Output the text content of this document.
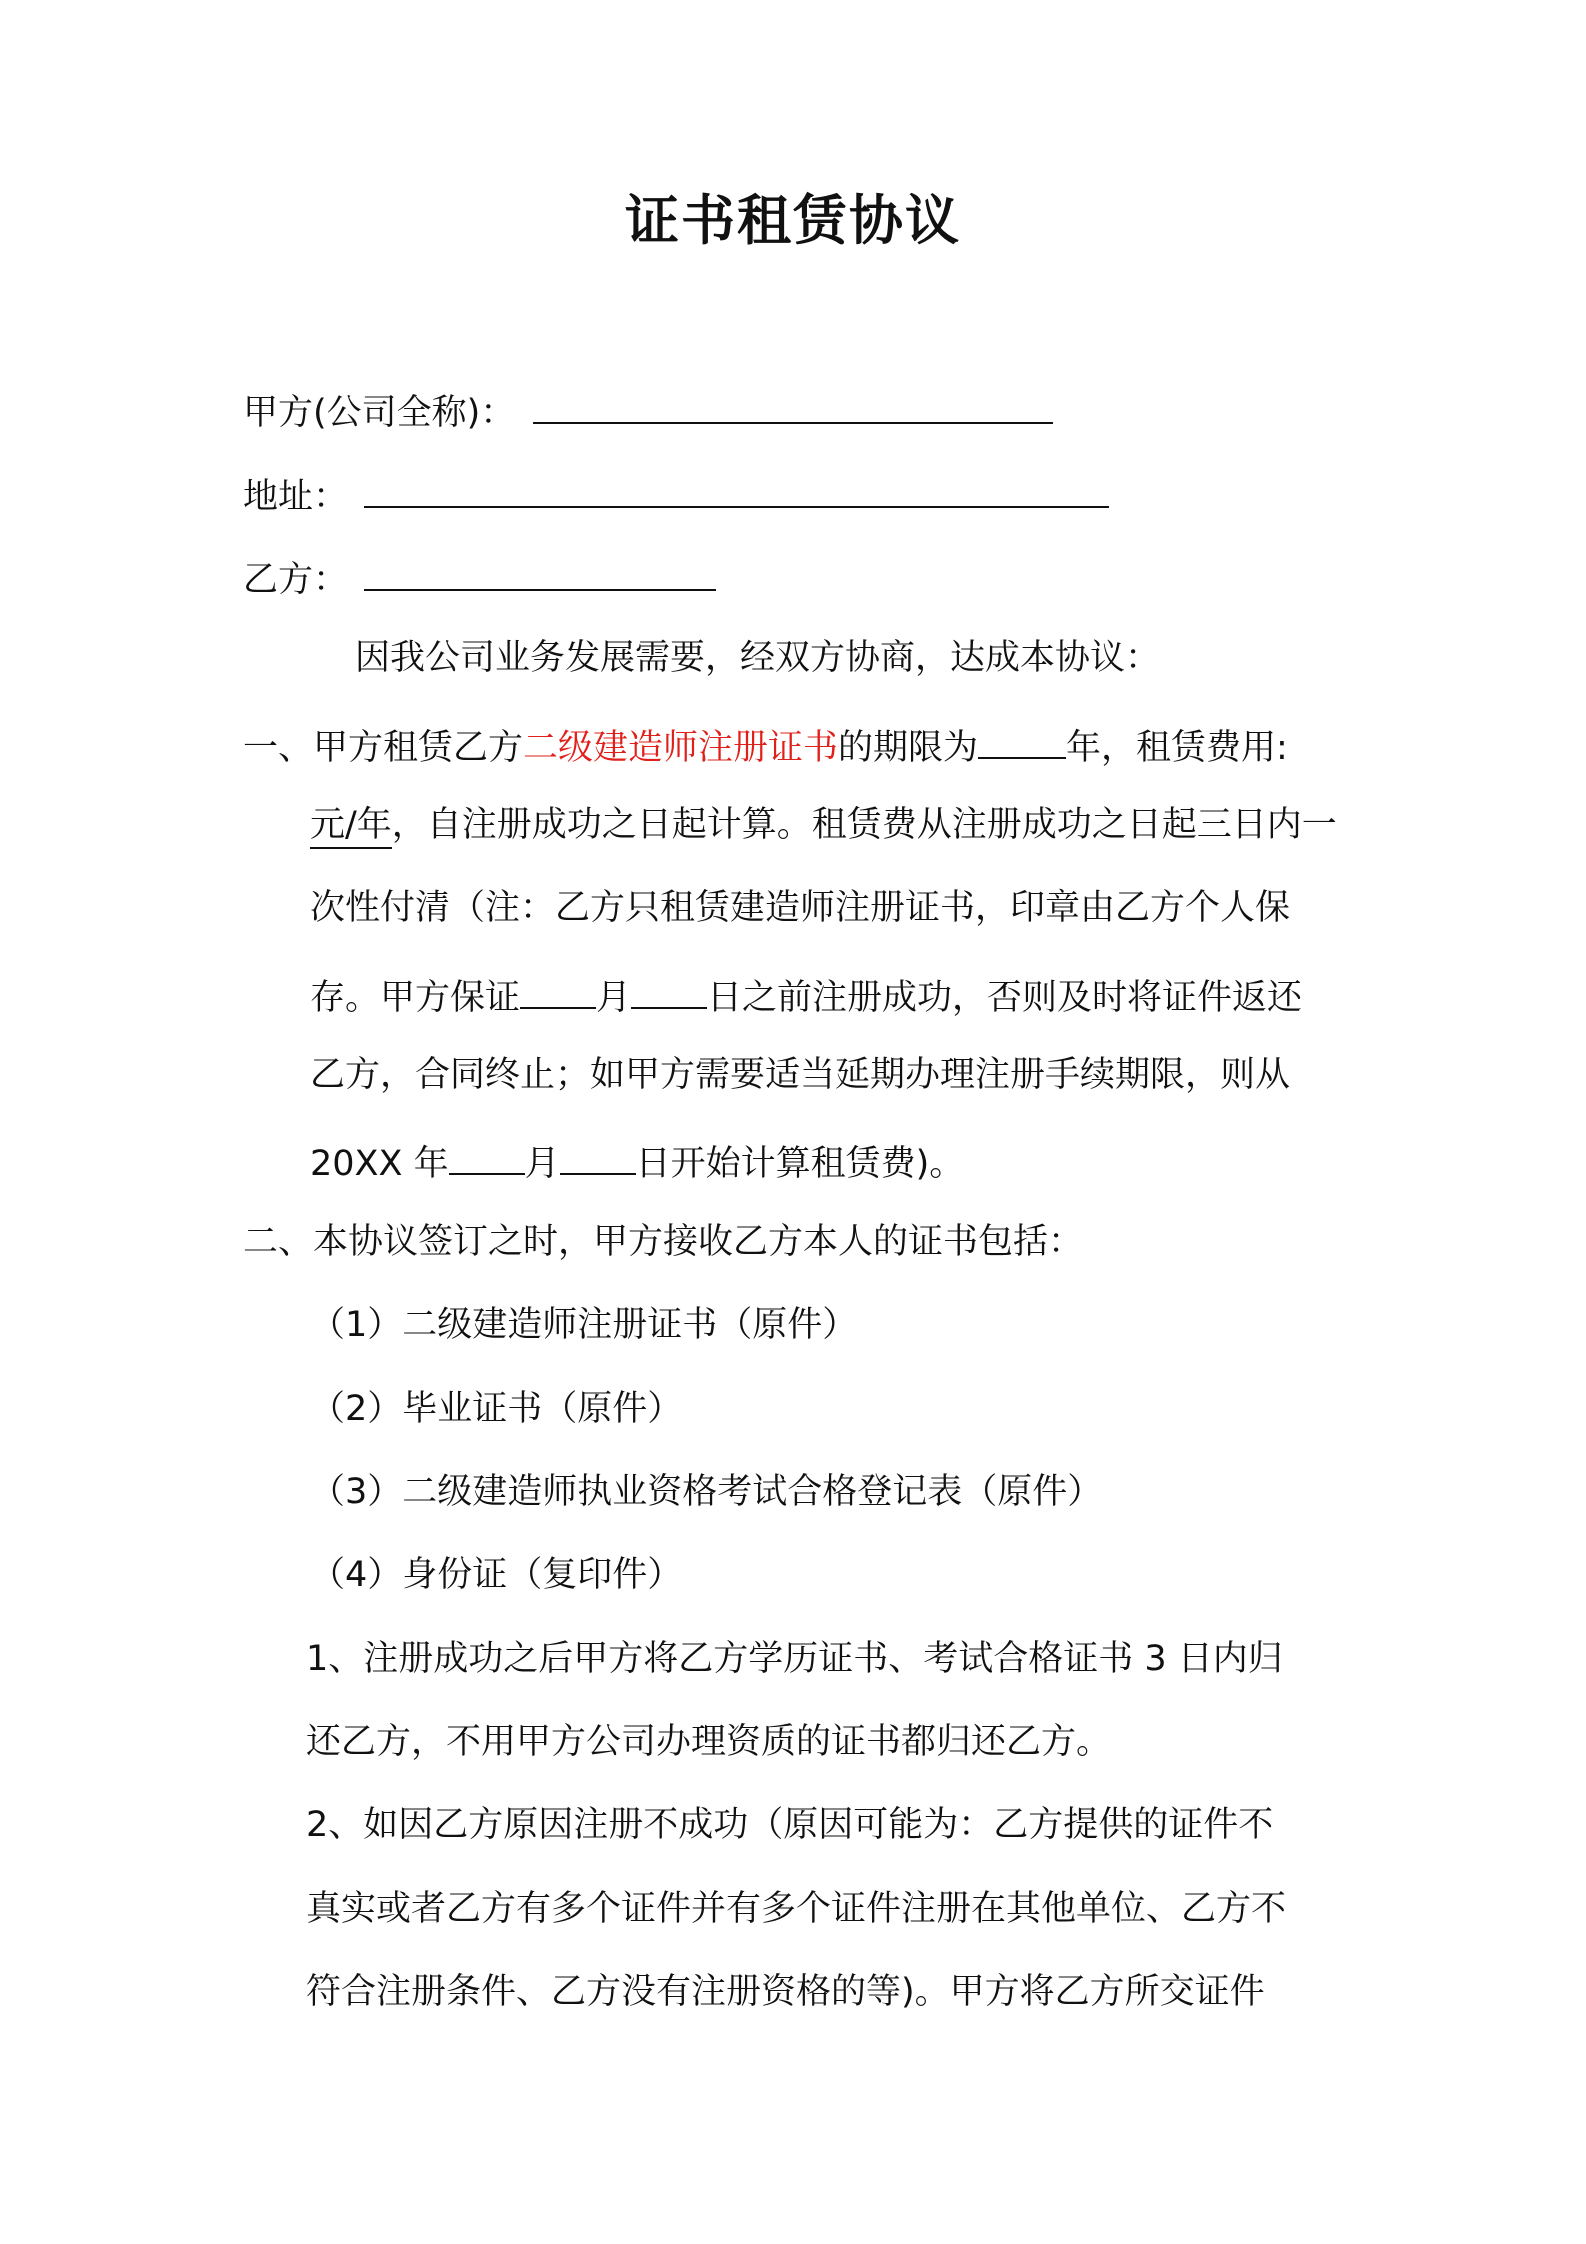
证书租赁协议
甲方(公司全称)：
地址：
乙方：
因我公司业务发展需要，经双方协商，达成本协议：
一、甲方租赁乙方二级建造师注册证书的期限为	年，租赁费用:
元/年，自注册成功之日起计算。租赁费从注册成功之日起三日内一
次性付清（注：乙方只租赁建造师注册证书，印章由乙方个人保
存。甲方保证 月 日之前注册成功，否则及时将证件返还
乙方，合同终止；如甲方需要适当延期办理注册手续期限，则从
20XX 年 月 日开始计算租赁费)。
二、本协议签订之时，甲方接收乙方本人的证书包括：
（1）二级建造师注册证书（原件）
（2）毕业证书（原件）
（3）二级建造师执业资格考试合格登记表（原件）
（4）身份证（复印件）
1、注册成功之后甲方将乙方学历证书、考试合格证书 3 日内归
还乙方，不用甲方公司办理资质的证书都归还乙方。
2、如因乙方原因注册不成功（原因可能为：乙方提供的证件不
真实或者乙方有多个证件并有多个证件注册在其他单位、乙方不
符合注册条件、乙方没有注册资格的等)。甲方将乙方所交证件
